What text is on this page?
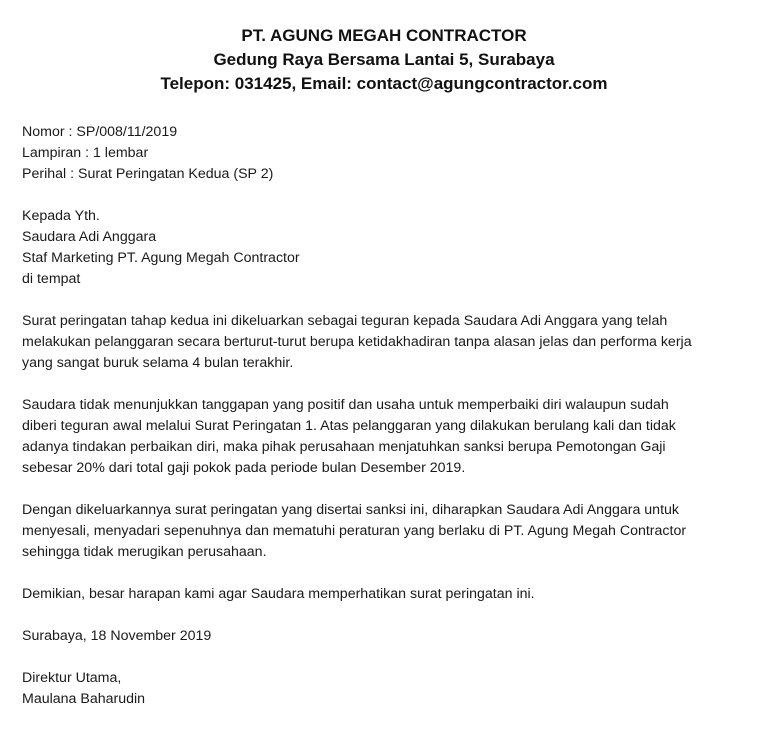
PT. AGUNG MEGAH CONTRACTOR
Gedung Raya Bersama Lantai 5, Surabaya
Telepon: 031425, Email: contact@agungcontractor.com
Nomor : SP/008/11/2019
Lampiran : 1 lembar
Perihal : Surat Peringatan Kedua (SP 2)
Kepada Yth.
Saudara Adi Anggara
Staf Marketing PT. Agung Megah Contractor
di tempat
Surat peringatan tahap kedua ini dikeluarkan sebagai teguran kepada Saudara Adi Anggara yang telah
melakukan pelanggaran secara berturut-turut berupa ketidakhadiran tanpa alasan jelas dan performa kerja
yang sangat buruk selama 4 bulan terakhir.
Saudara tidak menunjukkan tanggapan yang positif dan usaha untuk memperbaiki diri walaupun sudah
diberi teguran awal melalui Surat Peringatan 1. Atas pelanggaran yang dilakukan berulang kali dan tidak
adanya tindakan perbaikan diri, maka pihak perusahaan menjatuhkan sanksi berupa Pemotongan Gaji
sebesar 20% dari total gaji pokok pada periode bulan Desember 2019.
Dengan dikeluarkannya surat peringatan yang disertai sanksi ini, diharapkan Saudara Adi Anggara untuk
menyesali, menyadari sepenuhnya dan mematuhi peraturan yang berlaku di PT. Agung Megah Contractor
sehingga tidak merugikan perusahaan.
Demikian, besar harapan kami agar Saudara memperhatikan surat peringatan ini.
Surabaya, 18 November 2019
Direktur Utama,
Maulana Baharudin
